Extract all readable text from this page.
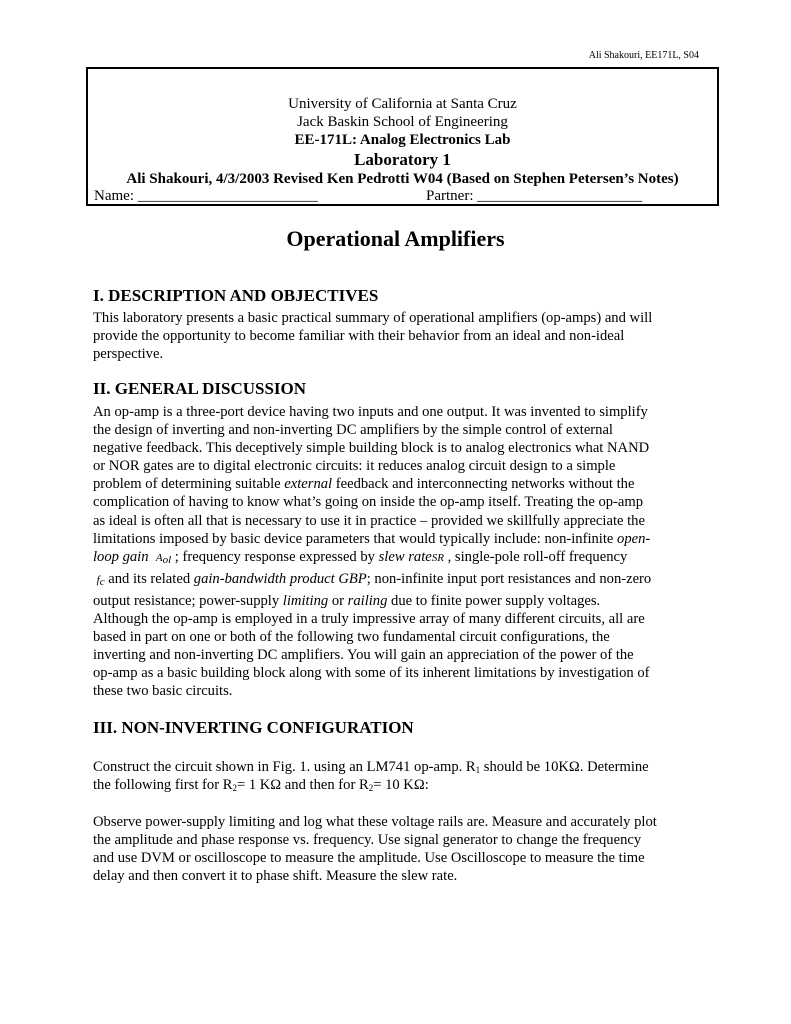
Ali Shakouri, EE171L, S04
University of California at Santa Cruz
Jack Baskin School of Engineering
EE-171L: Analog Electronics Lab
Laboratory 1
Ali Shakouri, 4/3/2003 Revised Ken Pedrotti W04 (Based on Stephen Petersen’s Notes)
Name: ________________________	Partner: ______________________
Operational Amplifiers
I. DESCRIPTION AND OBJECTIVES
This laboratory presents a basic practical summary of operational amplifiers (op-amps) and will
provide the opportunity to become familiar with their behavior from an ideal and non-ideal
perspective.
II. GENERAL DISCUSSION
An op-amp is a three-port device having two inputs and one output. It was invented to simplify
the design of inverting and non-inverting DC amplifiers by the simple control of external
negative feedback. This deceptively simple building block is to analog electronics what NAND
or NOR gates are to digital electronic circuits: it reduces analog circuit design to a simple
problem of determining suitable external feedback and interconnecting networks without the
complication of having to know what’s going on inside the op-amp itself. Treating the op-amp
as ideal is often all that is necessary to use it in practice – provided we skillfully appreciate the
limitations imposed by basic device parameters that would typically include: non-infinite open-
loop gain $A_{ol}$ ; frequency response expressed by slew rateSR , single-pole roll-off frequency
$f_c$ and its related gain-bandwidth product GBP; non-infinite input port resistances and non-zero
output resistance; power-supply limiting or railing due to finite power supply voltages.
Although the op-amp is employed in a truly impressive array of many different circuits, all are
based in part on one or both of the following two fundamental circuit configurations, the
inverting and non-inverting DC amplifiers. You will gain an appreciation of the power of the
op-amp as a basic building block along with some of its inherent limitations by investigation of
these two basic circuits.
III. NON-INVERTING CONFIGURATION
Construct the circuit shown in Fig. 1. using an LM741 op-amp. $R_1$ should be 10KΩ. Determine
the following first for $R_2= 1$ KΩ and then for $R_2= 10$ KΩ:
Observe power-supply limiting and log what these voltage rails are. Measure and accurately plot
the amplitude and phase response vs. frequency. Use signal generator to change the frequency
and use DVM or oscilloscope to measure the amplitude. Use Oscilloscope to measure the time
delay and then convert it to phase shift. Measure the slew rate.
